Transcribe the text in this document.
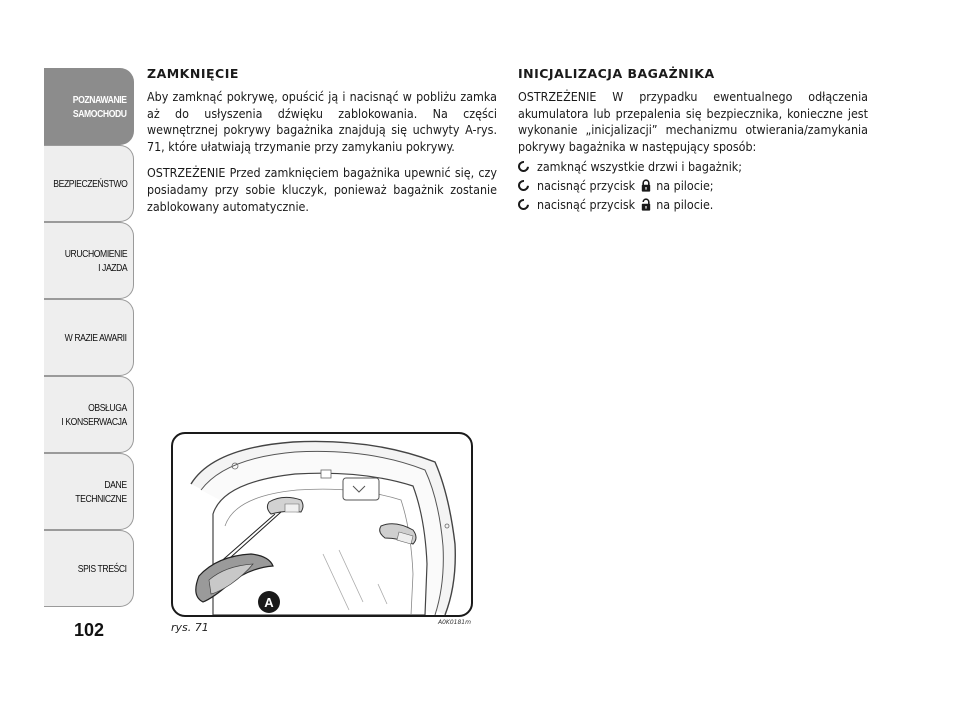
POZNAWANIE
SAMOCHODU
BEZPIECZEŃSTWO
URUCHOMIENIE
I JAZDA
W RAZIE AWARII
OBSŁUGA
I KONSERWACJA
DANE
TECHNICZNE
SPIS TREŚCI
102
ZAMKNIĘCIE

Aby zamknąć pokrywę, opuścić ją i nacisnąć w pobliżu zamka aż do usłyszenia dźwięku zablokowania. Na części wewnętrznej pokrywy bagażnika znajdują się uchwyty A-rys. 71, które ułatwiają trzymanie przy zamykaniu pokrywy.

OSTRZEŻENIE Przed zamknięciem bagażnika upewnić się, czy posiadamy przy sobie kluczyk, ponieważ bagażnik zostanie zablokowany automatycznie.

INICJALIZACJA BAGAŻNIKA

OSTRZEŻENIE W przypadku ewentualnego odłączenia akumulatora lub przepalenia się bezpiecznika, konieczne jest wykonanie „inicjalizacji” mechanizmu otwierania/zamykania pokrywy bagażnika w następujący sposób:

zamknąć wszystkie drzwi i bagażnik;
nacisnąć przycisk na pilocie;
nacisnąć przycisk na pilocie.
A
rys. 71	A0K0181m
